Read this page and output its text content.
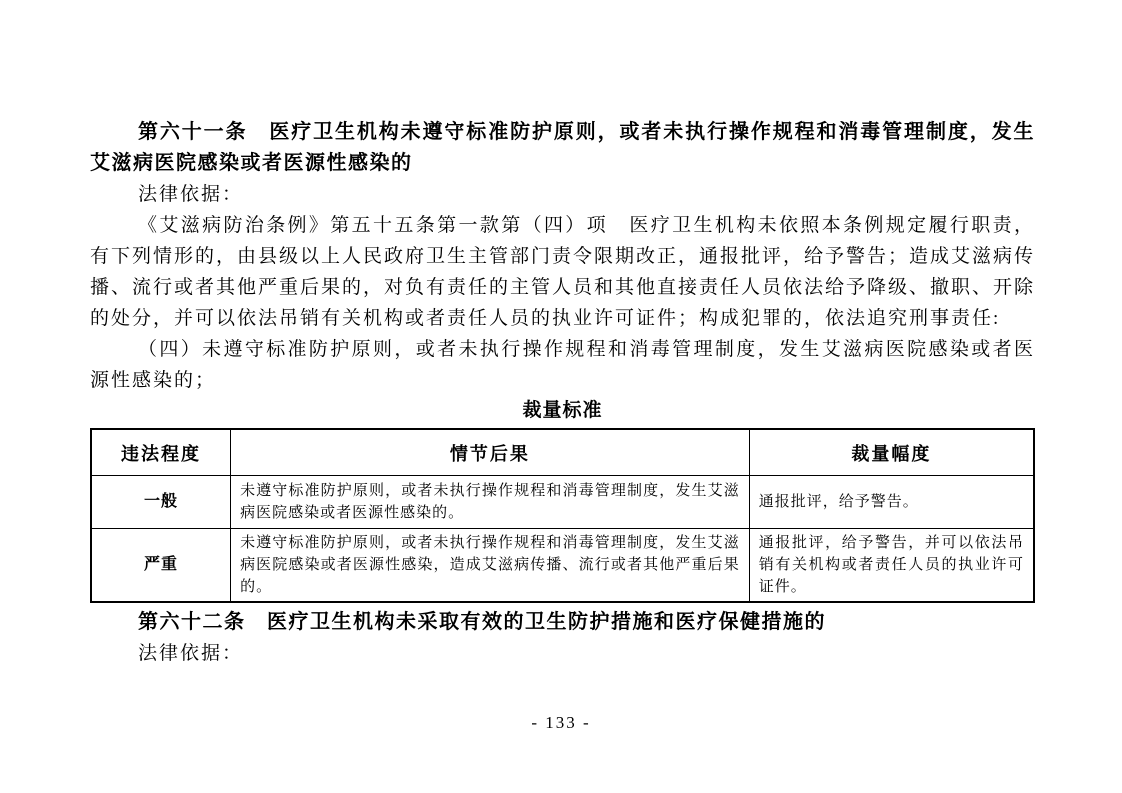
第六十一条　医疗卫生机构未遵守标准防护原则，或者未执行操作规程和消毒管理制度，发生艾滋病医院感染或者医源性感染的

法律依据：

《艾滋病防治条例》第五十五条第一款第（四）项　医疗卫生机构未依照本条例规定履行职责，有下列情形的，由县级以上人民政府卫生主管部门责令限期改正，通报批评，给予警告；造成艾滋病传播、流行或者其他严重后果的，对负有责任的主管人员和其他直接责任人员依法给予降级、撤职、开除的处分，并可以依法吊销有关机构或者责任人员的执业许可证件；构成犯罪的，依法追究刑事责任:

（四）未遵守标准防护原则，或者未执行操作规程和消毒管理制度，发生艾滋病医院感染或者医源性感染的；

裁量标准

违法程度	情节后果	裁量幅度
一般	未遵守标准防护原则，或者未执行操作规程和消毒管理制度，发生艾滋病医院感染或者医源性感染的。	通报批评，给予警告。
严重	未遵守标准防护原则，或者未执行操作规程和消毒管理制度，发生艾滋病医院感染或者医源性感染，造成艾滋病传播、流行或者其他严重后果的。	通报批评，给予警告，并可以依法吊销有关机构或者责任人员的执业许可证件。

第六十二条　医疗卫生机构未采取有效的卫生防护措施和医疗保健措施的

法律依据：

- 133 -
